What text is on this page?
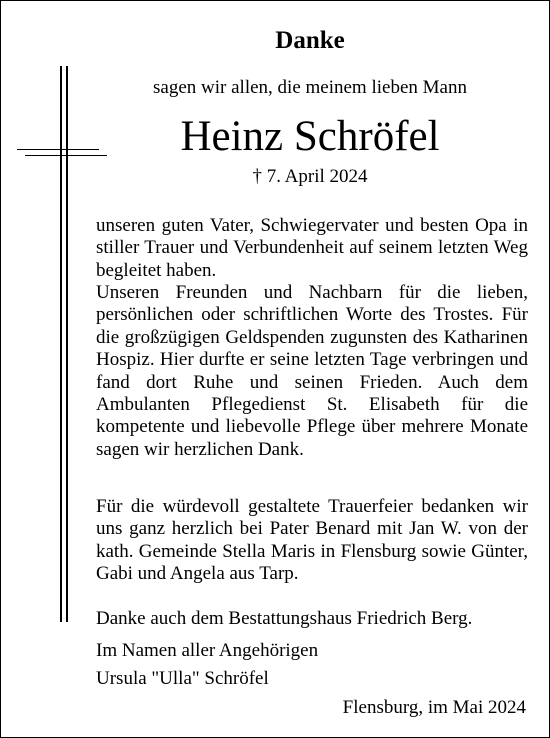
Danke
sagen wir allen, die meinem lieben Mann
Heinz Schröfel
† 7. April 2024
unseren guten Vater, Schwiegervater und besten Opa in stiller Trauer und Verbundenheit auf seinem letzten Weg begleitet haben.
Unseren Freunden und Nachbarn für die lieben, persönlichen oder schriftlichen Worte des Trostes. Für die großzügigen Geldspenden zugunsten des Katharinen Hospiz. Hier durfte er seine letzten Tage verbringen und fand dort Ruhe und seinen Frieden. Auch dem Ambulanten Pflegedienst St. Elisabeth für die kompetente und liebevolle Pflege über mehrere Monate sagen wir herzlichen Dank.
Für die würdevoll gestaltete Trauerfeier bedanken wir uns ganz herzlich bei Pater Benard mit Jan W. von der kath. Gemeinde Stella Maris in Flensburg sowie Günter, Gabi und Angela aus Tarp.
Danke auch dem Bestattungshaus Friedrich Berg.
Im Namen aller Angehörigen
Ursula "Ulla" Schröfel
Flensburg, im Mai 2024
